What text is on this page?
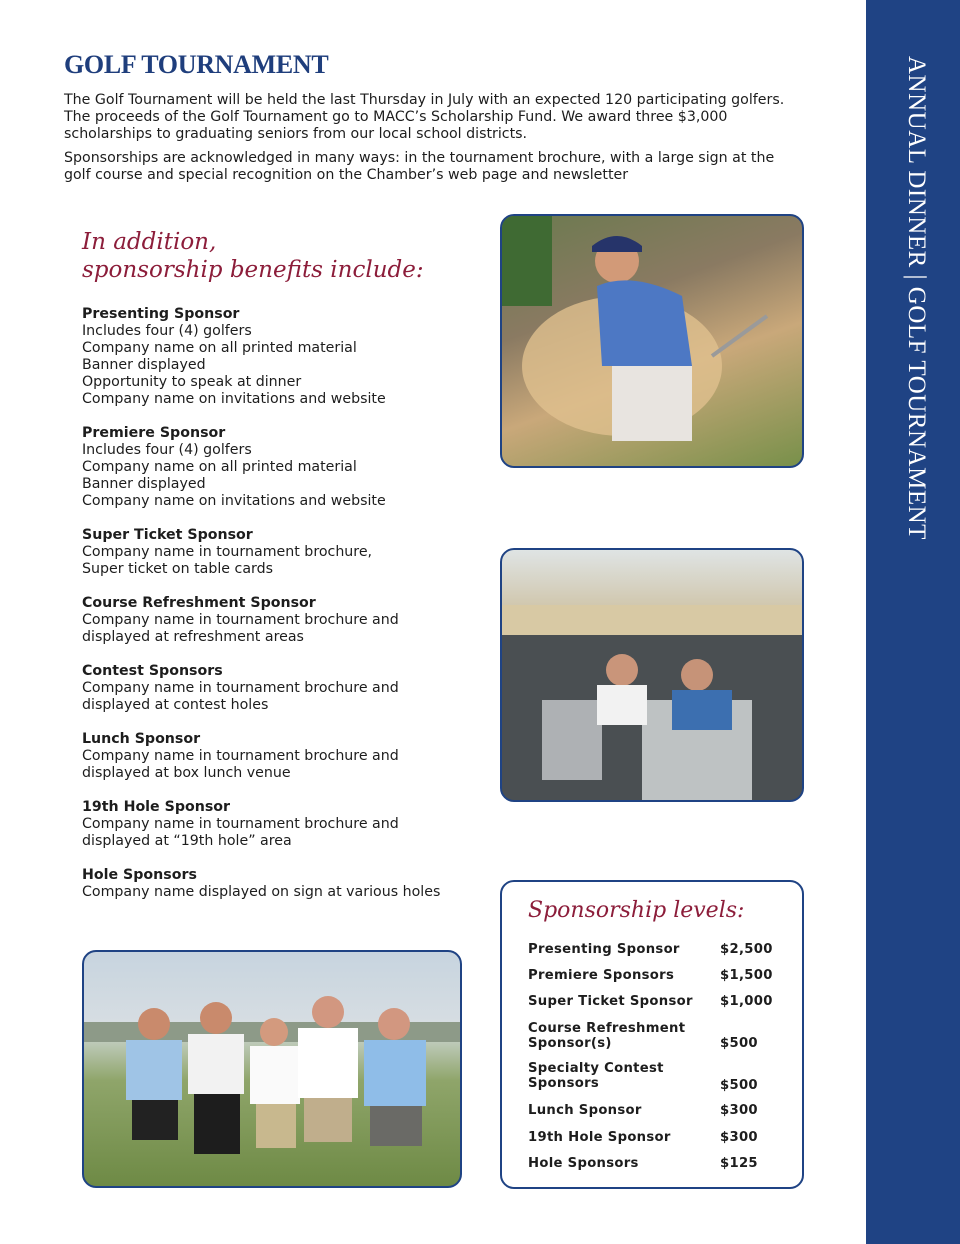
ANNUAL DINNER | GOLF TOURNAMENT
GOLF TOURNAMENT

The Golf Tournament will be held the last Thursday in July with an expected 120 participating golfers. The proceeds of the Golf Tournament go to MACC’s Scholarship Fund. We award three $3,000 scholarships to graduating seniors from our local school districts.

Sponsorships are acknowledged in many ways: in the tournament brochure, with a large sign at the golf course and special recognition on the Chamber’s web page and newsletter

In addition,
sponsorship benefits include:
Presenting Sponsor
Includes four (4) golfers
Company name on all printed material
Banner displayed
Opportunity to speak at dinner
Company name on invitations and website
Premiere Sponsor
Includes four (4) golfers
Company name on all printed material
Banner displayed
Company name on invitations and website
Super Ticket Sponsor
Company name in tournament brochure,
Super ticket on table cards
Course Refreshment Sponsor
Company name in tournament brochure and
displayed at refreshment areas
Contest Sponsors
Company name in tournament brochure and
displayed at contest holes
Lunch Sponsor
Company name in tournament brochure and
displayed at box lunch venue
19th Hole Sponsor
Company name in tournament brochure and
displayed at “19th hole” area
Hole Sponsors
Company name displayed on sign at various holes
Sponsorship levels:
Presenting Sponsor	$2,500
Premiere Sponsors	$1,500
Super Ticket Sponsor	$1,000
Course Refreshment Sponsor(s)	$500
Specialty Contest Sponsors	$500
Lunch Sponsor	$300
19th Hole Sponsor	$300
Hole Sponsors	$125
